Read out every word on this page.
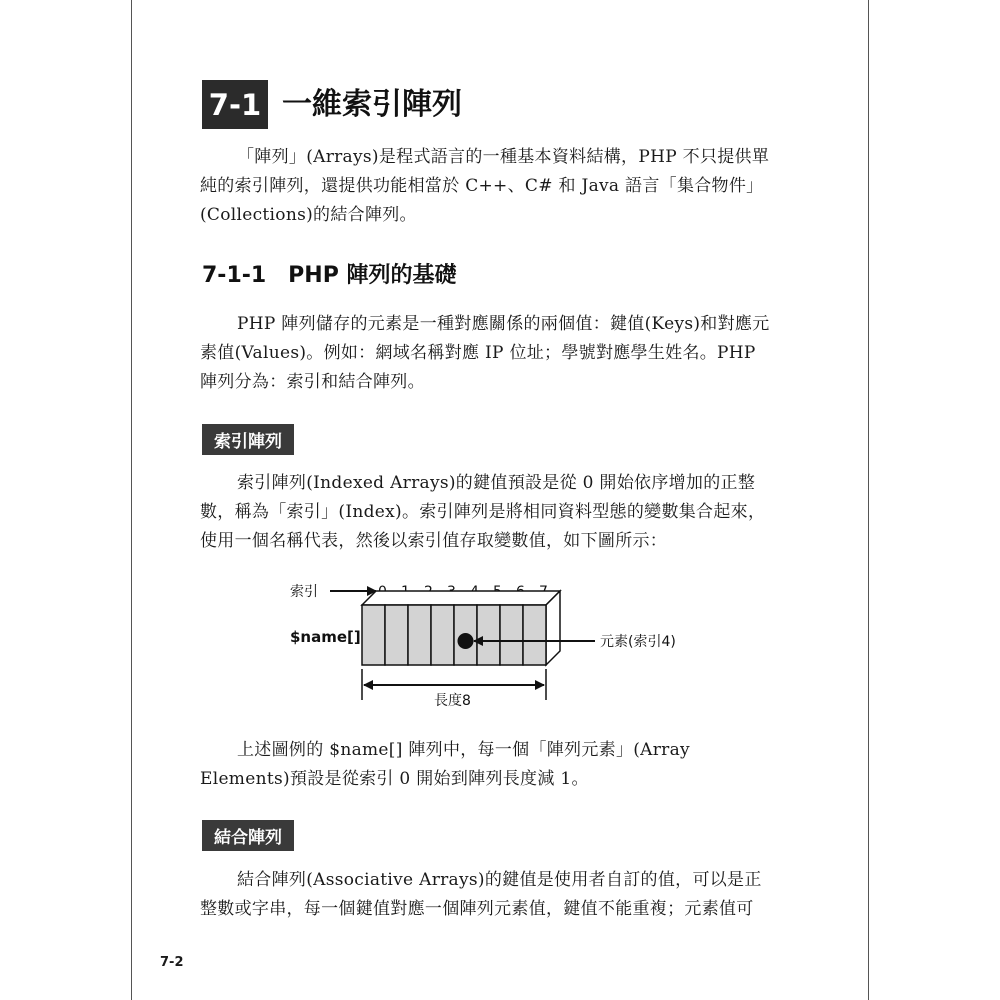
7-1 一維索引陣列

「陣列」(Arrays)是程式語言的一種基本資料結構，PHP 不只提供單純的索引陣列，還提供功能相當於 C++、C# 和 Java 語言「集合物件」(Collections)的結合陣列。

7-1-1　PHP 陣列的基礎

PHP 陣列儲存的元素是一種對應關係的兩個值：鍵值(Keys)和對應元素值(Values)。例如：網域名稱對應 IP 位址；學號對應學生姓名。PHP 陣列分為：索引和結合陣列。

索引陣列

索引陣列(Indexed Arrays)的鍵值預設是從 0 開始依序增加的正整數，稱為「索引」(Index)。索引陣列是將相同資料型態的變數集合起來，使用一個名稱代表，然後以索引值存取變數值，如下圖所示：

索引
$name[]	元素(索引4)
長度8

上述圖例的 $name[] 陣列中，每一個「陣列元素」(Array Elements)預設是從索引 0 開始到陣列長度減 1。

結合陣列

結合陣列(Associative Arrays)的鍵值是使用者自訂的值，可以是正整數或字串，每一個鍵值對應一個陣列元素值，鍵值不能重複；元素值可

7-2
